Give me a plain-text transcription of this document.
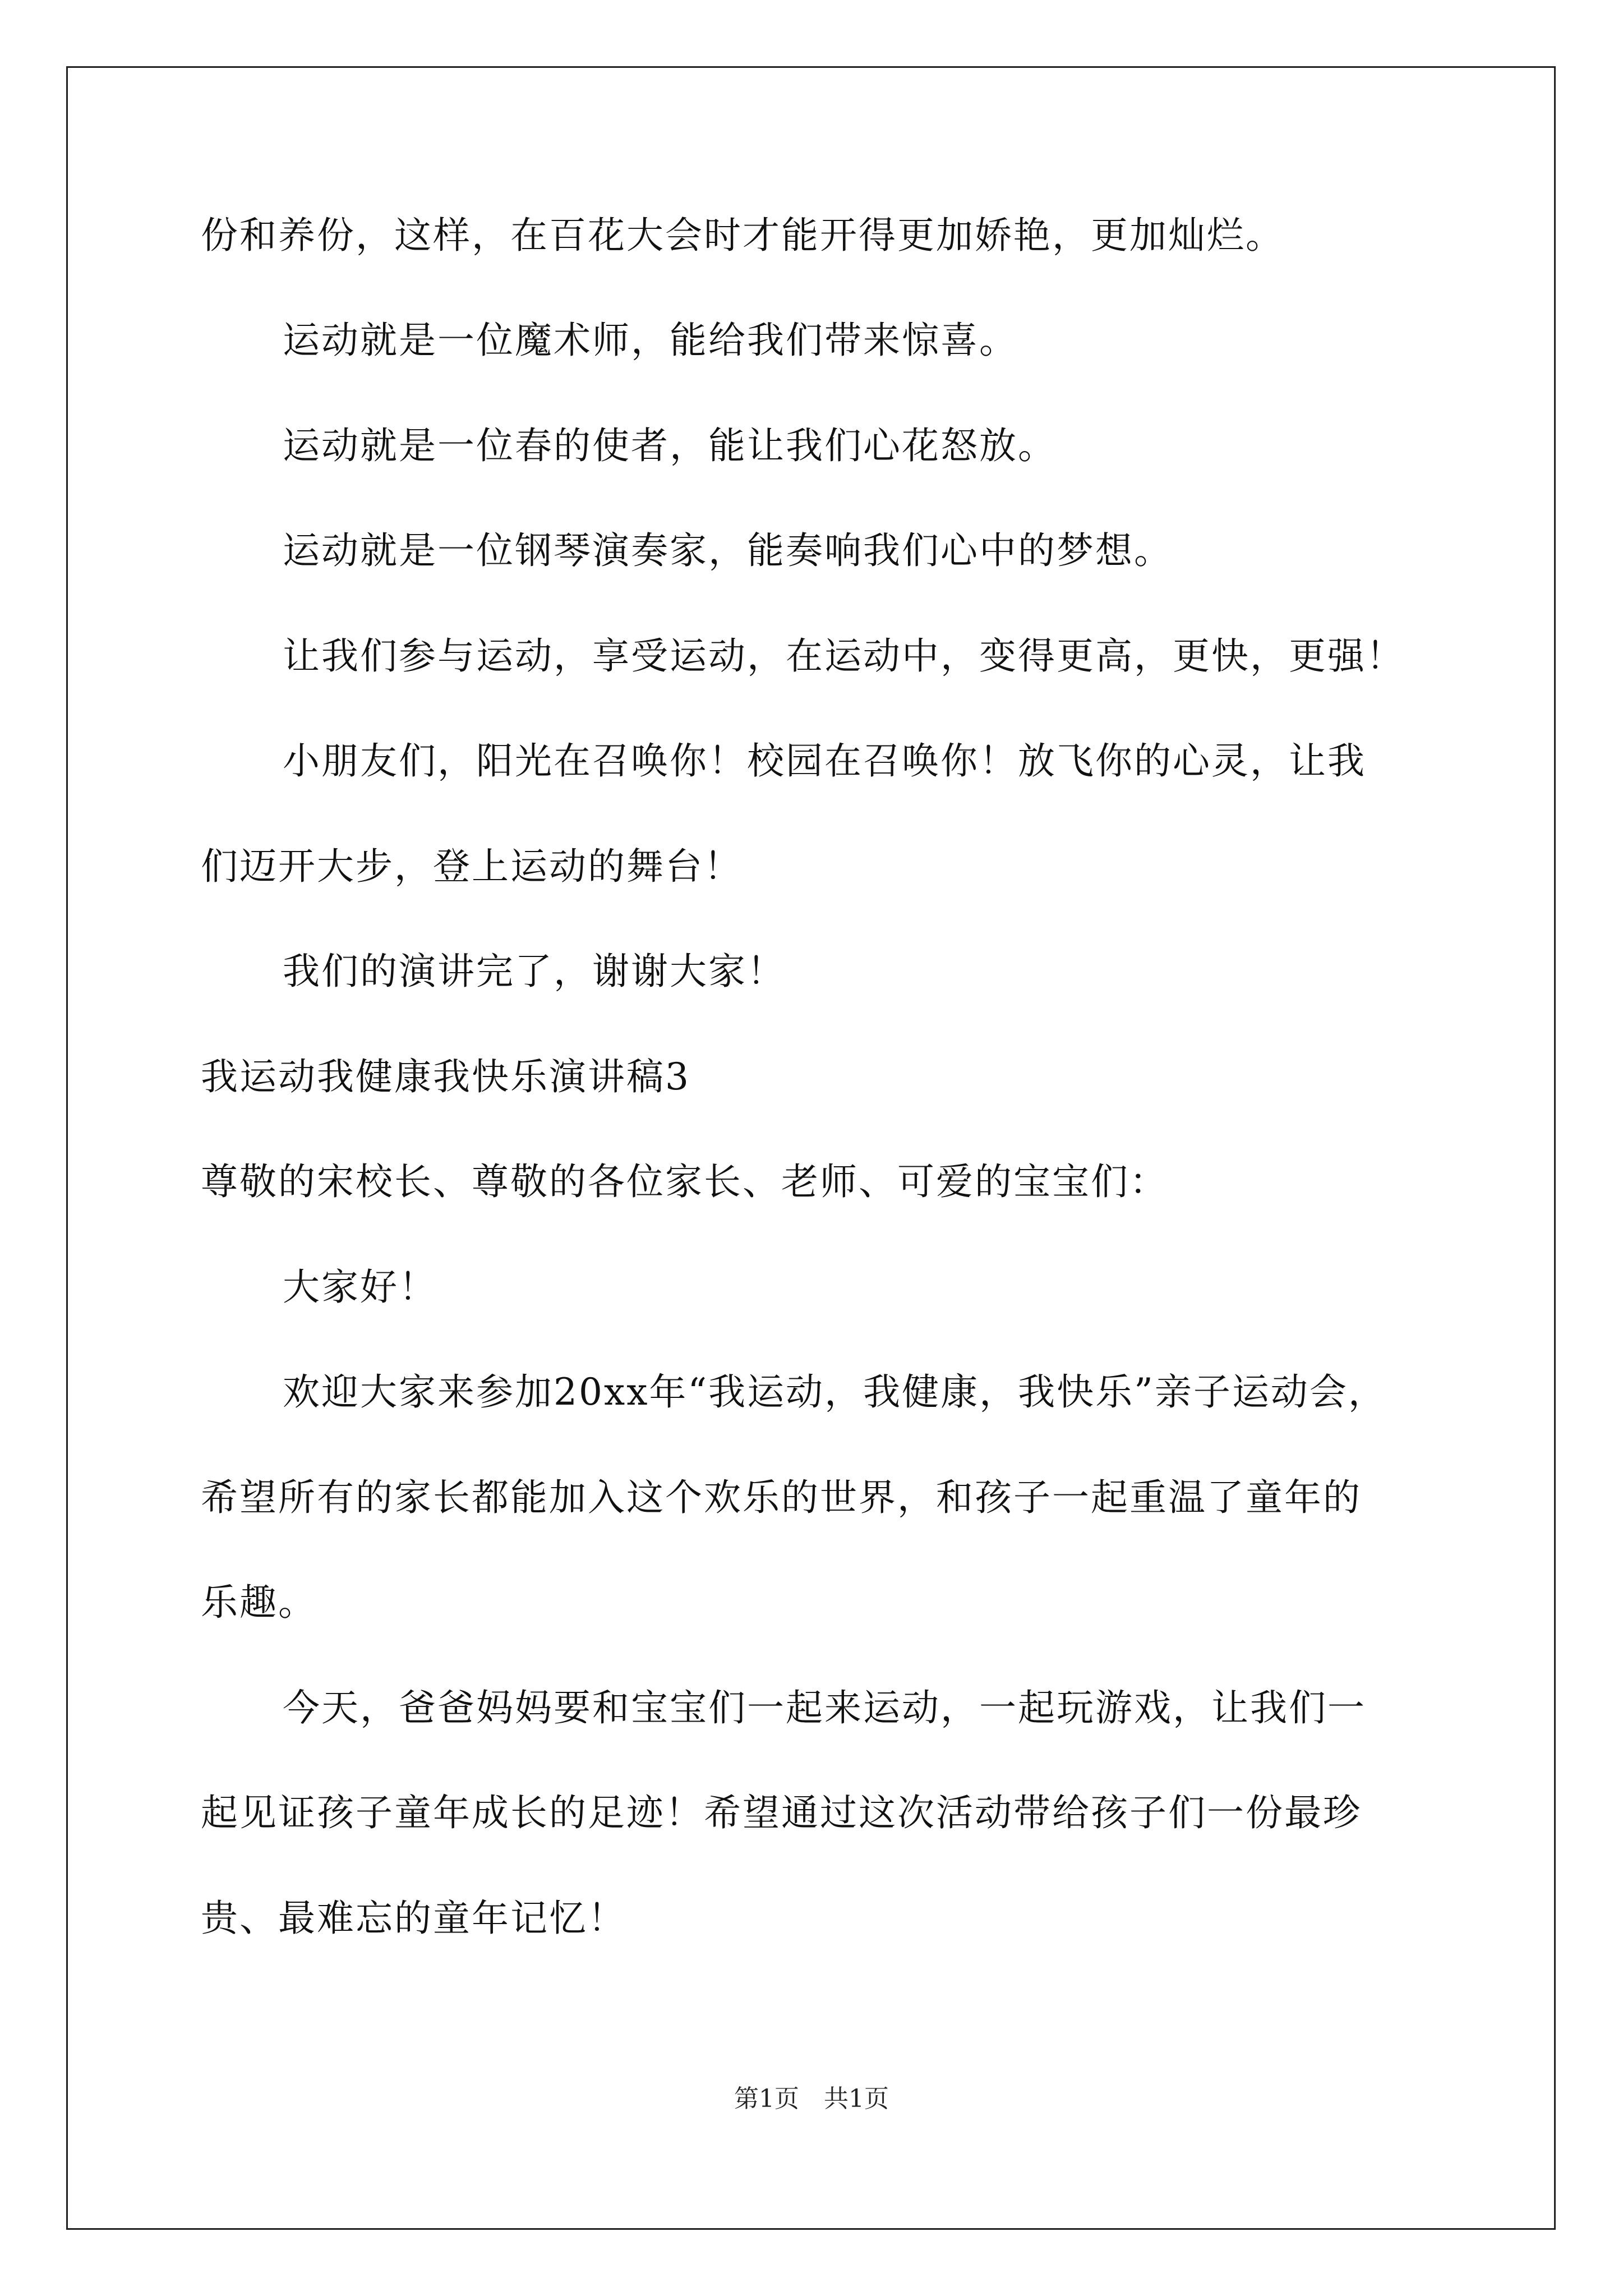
份和养份，这样，在百花大会时才能开得更加娇艳，更加灿烂。
运动就是一位魔术师，能给我们带来惊喜。
运动就是一位春的使者，能让我们心花怒放。
运动就是一位钢琴演奏家，能奏响我们心中的梦想。
让我们参与运动，享受运动，在运动中，变得更高，更快，更强！
小朋友们，阳光在召唤你！校园在召唤你！放飞你的心灵，让我
们迈开大步，登上运动的舞台！
我们的演讲完了，谢谢大家！
我运动我健康我快乐演讲稿3
尊敬的宋校长、尊敬的各位家长、老师、可爱的宝宝们：
大家好！
欢迎大家来参加20xx年“我运动，我健康，我快乐”亲子运动会，
希望所有的家长都能加入这个欢乐的世界，和孩子一起重温了童年的
乐趣。
今天，爸爸妈妈要和宝宝们一起来运动，一起玩游戏，让我们一
起见证孩子童年成长的足迹！希望通过这次活动带给孩子们一份最珍
贵、最难忘的童年记忆！
第1页　共1页
